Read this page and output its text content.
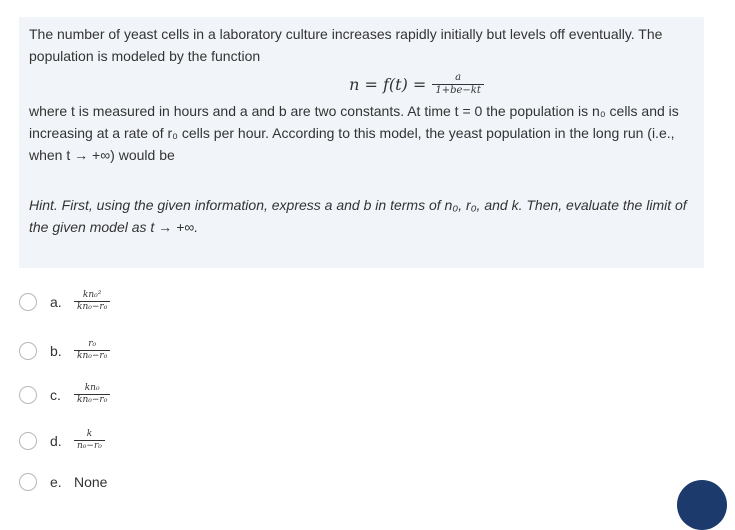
The number of yeast cells in a laboratory culture increases rapidly initially but levels off eventually. The population is modeled by the function

$n = f(t) = \frac{a}{1+be-kt}$

where t is measured in hours and a and b are two constants. At time t = 0 the population is n₀ cells and is increasing at a rate of r₀ cells per hour. According to this model, the yeast population in the long run (i.e., when t → +∞) would be

Hint. First, using the given information, express a and b in terms of n₀, r₀, and k. Then, evaluate the limit of the given model as t → +∞.

a.	$\frac{\text{kn₀²}}{\text{kn₀−r₀}}$
b.	$\frac{\text{r₀}}{\text{kn₀−r₀}}$
c.	$\frac{\text{kn₀}}{\text{kn₀−r₀}}$
d.	$\frac{k}{\text{n₀−r₀}}$
e. None
